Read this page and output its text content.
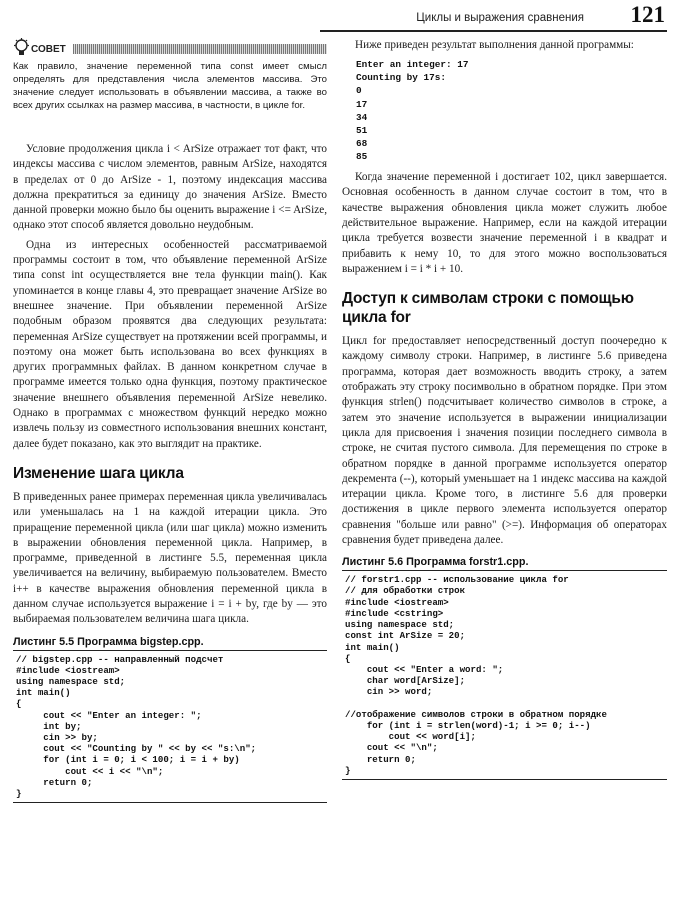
Циклы и выражения сравнения 121
СОВЕТ

Как правило, значение переменной типа const имеет смысл определять для представления числа элементов массива. Это значение следует использовать в объявлении массива, а также во всех других ссылках на размер массива, в частности, в цикле for.

Условие продолжения цикла i < ArSize отражает тот факт, что индексы массива с числом элементов, равным ArSize, находятся в пределах от 0 до ArSize - 1, поэтому индексация массива должна прекратиться за единицу до значения ArSize. Вместо данной проверки можно было бы оценить выражение i <= ArSize, однако этот способ является довольно неудобным.

Одна из интересных особенностей рассматриваемой программы состоит в том, что объявление переменной ArSize типа const int осуществляется вне тела функции main(). Как упоминается в конце главы 4, это превращает значение ArSize во внешнее значение. При объявлении переменной ArSize подобным образом проявятся два следующих результата: переменная ArSize существует на протяжении всей программы, и поэтому она может быть использована во всех функциях в других программных файлах. В данном конкретном случае в программе имеется только одна функция, поэтому практическое значение внешнего объявления переменной ArSize невелико. Однако в программах с множеством функций нередко можно извлечь пользу из совместного использования внешних констант, далее будет показано, как это выглядит на практике.

Изменение шага цикла

В приведенных ранее примерах переменная цикла увеличивалась или уменьшалась на 1 на каждой итерации цикла. Это приращение переменной цикла (или шаг цикла) можно изменить в выражении обновления переменной цикла. Например, в программе, приведенной в листинге 5.5, переменная цикла увеличивается на величину, выбираемую пользователем. Вместо i++ в качестве выражения обновления переменной цикла в данном случае используется выражение i = i + by, где by — это выбираемая пользователем величина шага цикла.

Листинг 5.5 Программа bigstep.cpp.
// bigstep.cpp -- направленный подсчет
#include <iostream>
using namespace std;
int main()
{
cout << "Enter an integer: ";
int by;
cin >> by;
cout << "Counting by " << by << "s:\n";
for (int i = 0; i < 100; i = i + by)
cout << i << "\n";
return 0;
}

Ниже приведен результат выполнения данной программы:

Enter an integer: 17
Counting by 17s:
0
17
34
51
68
85

Когда значение переменной i достигает 102, цикл завершается. Основная особенность в данном случае состоит в том, что в качестве выражения обновления цикла может служить любое действительное выражение. Например, если на каждой итерации цикла требуется возвести значение переменной i в квадрат и прибавить к нему 10, то для этого можно воспользоваться выражением i = i * i + 10.

Доступ к символам строки с помощью цикла for

Цикл for предоставляет непосредственный доступ поочередно к каждому символу строки. Например, в листинге 5.6 приведена программа, которая дает возможность вводить строку, а затем отображать эту строку посимвольно в обратном порядке. При этом функция strlen() подсчитывает количество символов в строке, а затем это значение используется в выражении инициализации цикла для присвоения i значения позиции последнего символа в строке, не считая пустого символа. Для перемещения по строке в обратном порядке в данной программе используется оператор декремента (--), который уменьшает на 1 индекс массива на каждой итерации цикла. Кроме того, в листинге 5.6 для проверки достижения в цикле первого элемента используется оператор сравнения "больше или равно" (>=). Информация об операторах сравнения будет приведена далее.

Листинг 5.6 Программа forstr1.cpp.
// forstr1.cpp -- использование цикла for
// для обработки строк
#include <iostream>
#include <cstring>
using namespace std;
const int ArSize = 20;
int main()
{
cout << "Enter a word: ";
char word[ArSize];
cin >> word;

//отображение символов строки в обратном порядке
for (int i = strlen(word)-1; i >= 0; i--)
cout << word[i];
cout << "\n";
return 0;
}
